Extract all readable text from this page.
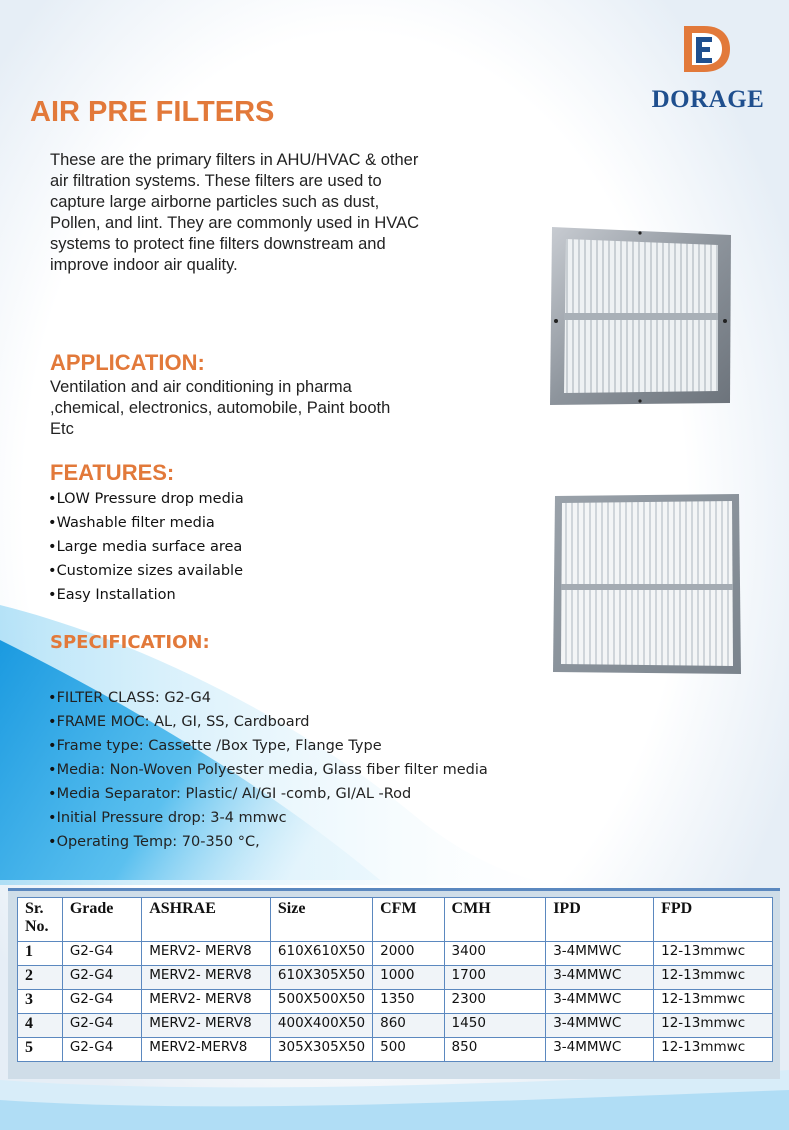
DORAGE
AIR PRE FILTERS
These are the primary filters in AHU/HVAC & other air filtration systems. These filters are used to capture large airborne particles such as dust, Pollen, and lint. They are commonly used in HVAC systems to protect fine filters downstream and improve indoor air quality.
APPLICATION:
Ventilation and air conditioning in pharma ,chemical, electronics, automobile, Paint booth Etc
FEATURES:
•LOW Pressure drop media
•Washable filter media
•Large media surface area
•Customize sizes available
•Easy Installation
SPECIFICATION:
•FILTER CLASS: G2-G4
•FRAME MOC: AL, GI, SS, Cardboard
•Frame type: Cassette /Box Type, Flange Type
•Media: Non-Woven Polyester media, Glass fiber filter media
•Media Separator: Plastic/ Al/GI -comb, GI/AL -Rod
•Initial Pressure drop: 3-4 mmwc
•Operating Temp: 70-350 °C,
Sr. No.	Grade	ASHRAE	Size	CFM	CMH	IPD	FPD
1	G2-G4	MERV2- MERV8	610X610X50	2000	3400	3-4MMWC	12-13mmwc
2	G2-G4	MERV2- MERV8	610X305X50	1000	1700	3-4MMWC	12-13mmwc
3	G2-G4	MERV2- MERV8	500X500X50	1350	2300	3-4MMWC	12-13mmwc
4	G2-G4	MERV2- MERV8	400X400X50	860	1450	3-4MMWC	12-13mmwc
5	G2-G4	MERV2-MERV8	305X305X50	500	850	3-4MMWC	12-13mmwc
